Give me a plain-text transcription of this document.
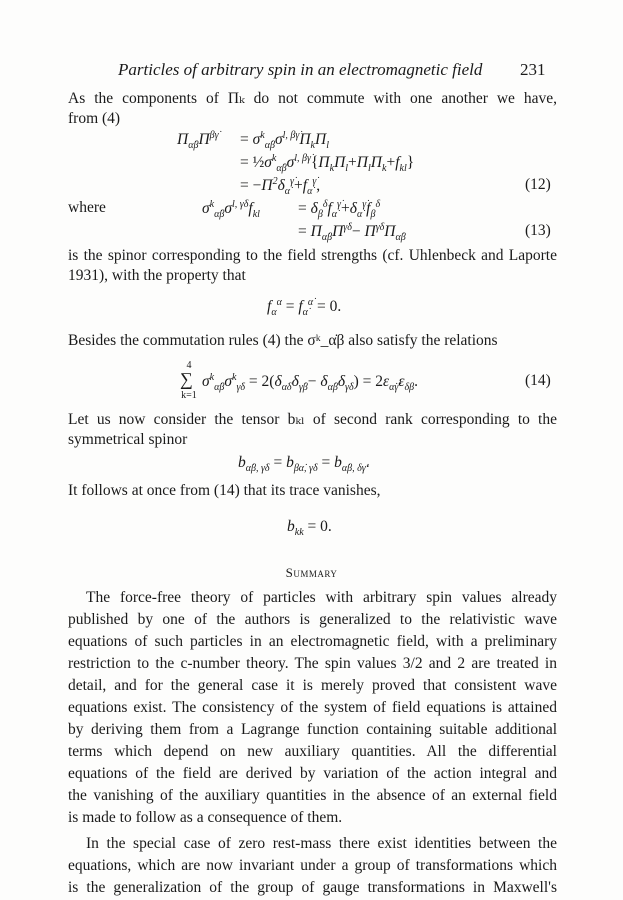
Particles of arbitrary spin in an electromagnetic field 231
As the components of Πₖ do not commute with one another we have,
from (4)
$\Pi_{\alphȧ\beta}\Pi^{\beta\gammȧ} = \sigma^k_{\alphȧ\beta}\sigma^{l, \beta\gammȧ}\Pi_k\Pi_l$
= $\frac{1}{2}\sigma^k_{\alphȧ\beta}\sigma^{l, \beta\gammȧ}\{\Pi_k\Pi_l+\Pi_l\Pi_k+f_{kl}\}$
= $-\Pi^2\delta_{\alphȧ}^{\gammȧ}+f_{\alphȧ}^{\gammȧ}$,	(12)
where	$\sigma^k_{\alphȧ\beta}\sigma^{l, \gammȧ\delta}f_{kl} = \delta_\beta^\delta f_{\alphȧ}^{\gammȧ}+\delta_{\alphȧ}^{\gammȧ}f_\beta^\delta$
= $\Pi_{\alphȧ\beta}\Pi^{\gammȧ\delta}- \Pi^{\gammȧ\delta}\Pi_{\alphȧ\beta}$	(13)
is the spinor corresponding to the field strengths (cf. Uhlenbeck and Laporte
1931), with the property that
$f_\alpha^\alpha = f_{\alphȧ}^{\alphȧ} = 0$.
Besides the commutation rules (4) the σᵏ_α̇β also satisfy the relations
4
∑
k=1
$\sigma^k_{\alphȧ\beta}\sigma^k_{\gammȧ\delta} = 2(\delta_{\alphȧ\delta}\delta_{\gammȧ\beta}- \delta_{\alphȧ\beta}\delta_{\gammȧ\delta}) = 2\varepsilon_{\alphȧ\gammȧ}\varepsilon_{\delta\beta}$.	(14)
Let us now consider the tensor bₖₗ of second rank corresponding to the
symmetrical spinor
$b_{\alphȧ\beta, \gammȧ\delta} = b_{\beta\alphȧ, \gammȧ\delta} = b_{\alphȧ\beta, \delta\gammȧ}$.
It follows at once from (14) that its trace vanishes,
$b_{kk} = 0$.
Summary
The force-free theory of particles with arbitrary spin values already
published by one of the authors is generalized to the relativistic wave
equations of such particles in an electromagnetic field, with a preliminary
restriction to the c-number theory. The spin values 3/2 and 2 are treated in
detail, and for the general case it is merely proved that consistent wave
equations exist. The consistency of the system of field equations is attained
by deriving them from a Lagrange function containing suitable additional
terms which depend on new auxiliary quantities. All the differential
equations of the field are derived by variation of the action integral and
the vanishing of the auxiliary quantities in the absence of an external field
is made to follow as a consequence of them.
In the special case of zero rest-mass there exist identities between the
equations, which are now invariant under a group of transformations which
is the generalization of the group of gauge transformations in Maxwell's
